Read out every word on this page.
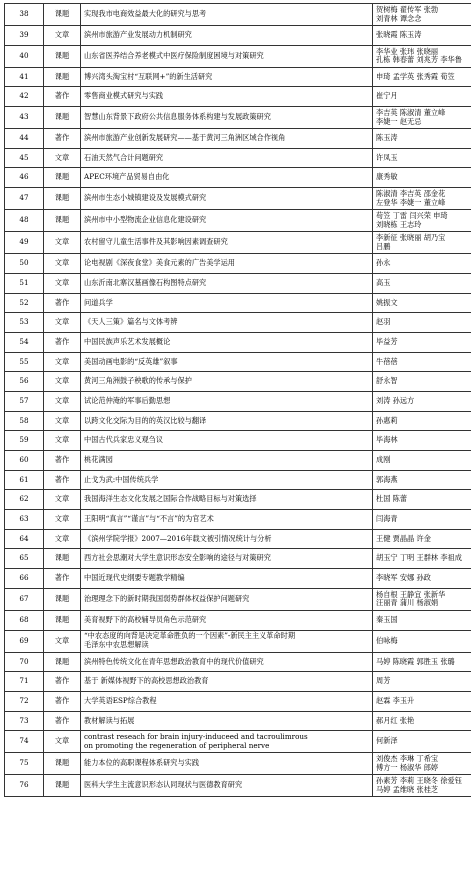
38	课题	实现我市电商效益最大化的研究与思考	贺树梅 翟传军 张勃
刘青林 谭念念

39	文章	滨州市旅游产业发展动力机制研究	张晓霞 陈玉涛

40	课题	山东省医养结合养老模式中医疗保险制度困境与对策研究	李华业 张玮 张晓丽
孔栋 韩春蕾 刘兆芳 李华鲁

41	课题	博兴湾头淘宝村“互联网+”的新生活研究	申琦 孟学英 张秀霞 荀笠

42	著作	零售商业模式研究与实践	崔宁月

43	课题	智慧山东背景下政府公共信息服务体系构建与发展政策研究	李吉英 陈淑清 董立峰
李婕一 赵无忌

44	著作	滨州市旅游产业创新发展研究——基于黄河三角洲区域合作视角	陈玉涛

45	文章	石油天然气合计问题研究	许凤玉

46	课题	APEC环境产品贸易自由化	康秀敏

47	课题	滨州市生态小城镇建设及发展模式研究	陈淑清 李吉英 邵金花
左登华 李婕一 董立峰

48	课题	滨州市中小型物流企业信息化建设研究	苟笠 丁雷 闫兴荣 申琦
刘晓栋 王志玲

49	文章	农村留守儿童生活事件及其影响因素调查研究	李新征 张晓丽 胡乃宝
吕鹏

50	文章	论电视剧《深夜食堂》美食元素的广告美学运用	孙永

51	文章	山东沂南北寨汉墓画像石构图特点研究	高玉

52	著作	问道兵学	姚振文

53	文章	《天人三策》篇名与文体考辨	赵羽

54	著作	中国民族声乐艺术发展概论	毕益芳

55	文章	美国动画电影的“反英雄”叙事	牛蓓蓓

56	文章	黄河三角洲鼓子秧歌的传承与保护	舒永智

57	文章	试论范仲淹的军事后勤思想	刘涛 孙远方

58	文章	以跨文化交际为目的的英汉比较与翻译	孙惠莉

59	文章	中国古代兵家忠义观刍议	毕海林

60	著作	桃花满园	成刚

61	著作	止戈为武:中国传统兵学	郭海燕

62	文章	我国海洋生态文化发展之国际合作战略目标与对策选择	杜国 陈蕾

63	文章	王阳明“真言”“谨言”与“不言”的为官艺术	闫海青

64	文章	《滨州学院学报》2007—2016年载文被引情况统计与分析	王健 贾晶晶 许金

65	课题	西方社会思潮对大学生意识形态安全影响的途径与对策研究	胡玉宁 丁明 王群林 李祖成

66	著作	中国近现代史纲要专题教学精编	李晓军 安娜 孙政

67	课题	治理理念下的新时期我国弱势群体权益保护问题研究	杨自根 王静宜 张新华
汪丽青 蒲川 杨淑娟

68	课题	美育视野下的高校辅导员角色示范研究	秦玉国

69	文章	“中农态度的向背是决定革命胜负的一个因素”-新民主主义革命时期
毛泽东中农思想解读	伯咏梅

70	课题	滨州特色传统文化在青年思想政治教育中的现代价值研究	马婷 陈晓霞 郭胜玉 张璐

71	著作	基于 新媒体视野下的高校思想政治教育	周芳

72	著作	大学英语ESP综合教程	赵霖 李玉升

73	著作	教材解读与拓展	郝月红 张艳

74	文章	contrast reseach for brain injury-induceed and tacroulimrous
on promoting the regeneration of peripheral nerve	何新泽

75	课题	能力本位的高职课程体系研究与实践	刘俊杰 李琳 丁希宝
傅方一 杨淑华 郎婷

76	课题	医科大学生主流意识形态认同现状与医德教育研究	孙素芳 李莉 王晓冬 徐爱钰
马婷 孟维晓 张桂芝
